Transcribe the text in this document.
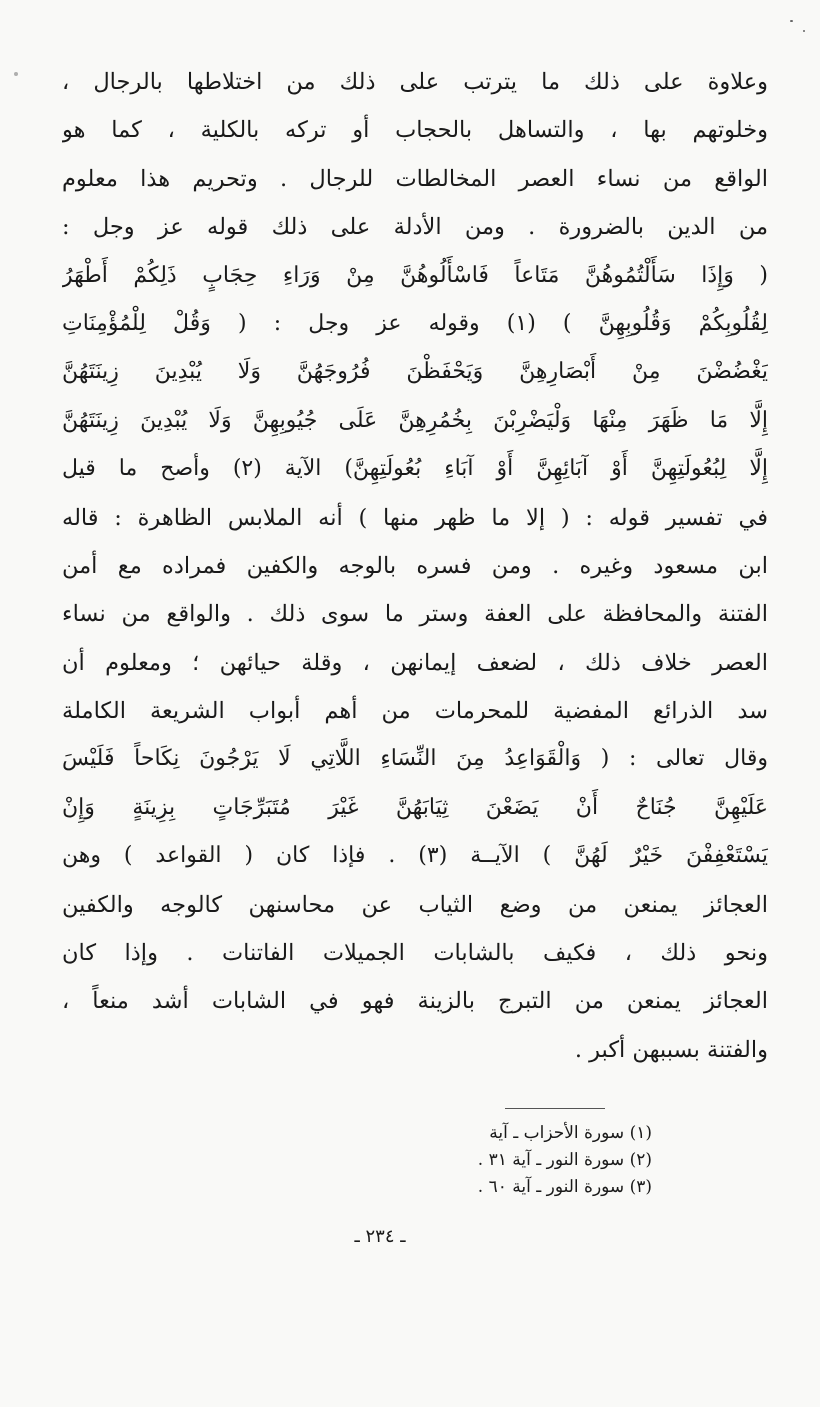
وعلاوة على ذلك ما يترتب على ذلك من اختلاطها بالرجال ،
وخلوتهم بها ، والتساهل بالحجاب أو تركه بالكلية ، كما هو
الواقع من نساء العصر المخالطات للرجال . وتحريم هذا معلوم
من الدين بالضرورة . ومن الأدلة على ذلك قوله عز وجل :
( وَإِذَا سَأَلْتُمُوهُنَّ مَتَاعاً فَاسْأَلُوهُنَّ مِنْ وَرَاءِ حِجَابٍ ذَلِكُمْ أَطْهَرُ
لِقُلُوبِكُمْ وَقُلُوبِهِنَّ ) (١) وقوله عز وجل : ( وَقُلْ لِلْمُؤْمِنَاتِ
يَغْضُضْنَ مِنْ أَبْصَارِهِنَّ وَيَحْفَظْنَ فُرُوجَهُنَّ وَلَا يُبْدِينَ زِينَتَهُنَّ
إِلَّا مَا ظَهَرَ مِنْهَا وَلْيَضْرِبْنَ بِخُمُرِهِنَّ عَلَى جُيُوبِهِنَّ وَلَا يُبْدِينَ زِينَتَهُنَّ
إِلَّا لِبُعُولَتِهِنَّ أَوْ آبَائِهِنَّ أَوْ آبَاءِ بُعُولَتِهِنَّ) الآية (٢) وأصح ما قيل
في تفسير قوله : ( إلا ما ظهر منها ) أنه الملابس الظاهرة : قاله
ابن مسعود وغيره . ومن فسره بالوجه والكفين فمراده مع أمن
الفتنة والمحافظة على العفة وستر ما سوى ذلك . والواقع من نساء
العصر خلاف ذلك ، لضعف إيمانهن ، وقلة حيائهن ؛ ومعلوم أن
سد الذرائع المفضية للمحرمات من أهم أبواب الشريعة الكاملة
وقال تعالى : ( وَالْقَوَاعِدُ مِنَ النِّسَاءِ اللَّاتِي لَا يَرْجُونَ نِكَاحاً فَلَيْسَ
عَلَيْهِنَّ جُنَاحٌ أَنْ يَضَعْنَ ثِيَابَهُنَّ غَيْرَ مُتَبَرِّجَاتٍ بِزِينَةٍ وَإِنْ
يَسْتَعْفِفْنَ خَيْرٌ لَهُنَّ ) الآيــة (٣) . فإذا كان ( القواعد ) وهن
العجائز يمنعن من وضع الثياب عن محاسنهن كالوجه والكفين
ونحو ذلك ، فكيف بالشابات الجميلات الفاتنات . وإذا كان
العجائز يمنعن من التبرج بالزينة فهو في الشابات أشد منعاً ،
والفتنة بسببهن أكبر .
(١) سورة الأحزاب ـ آية
(٢) سورة النور ـ آية ٣١ .
(٣) سورة النور ـ آية ٦٠ .
ـ ٢٣٤ ـ
